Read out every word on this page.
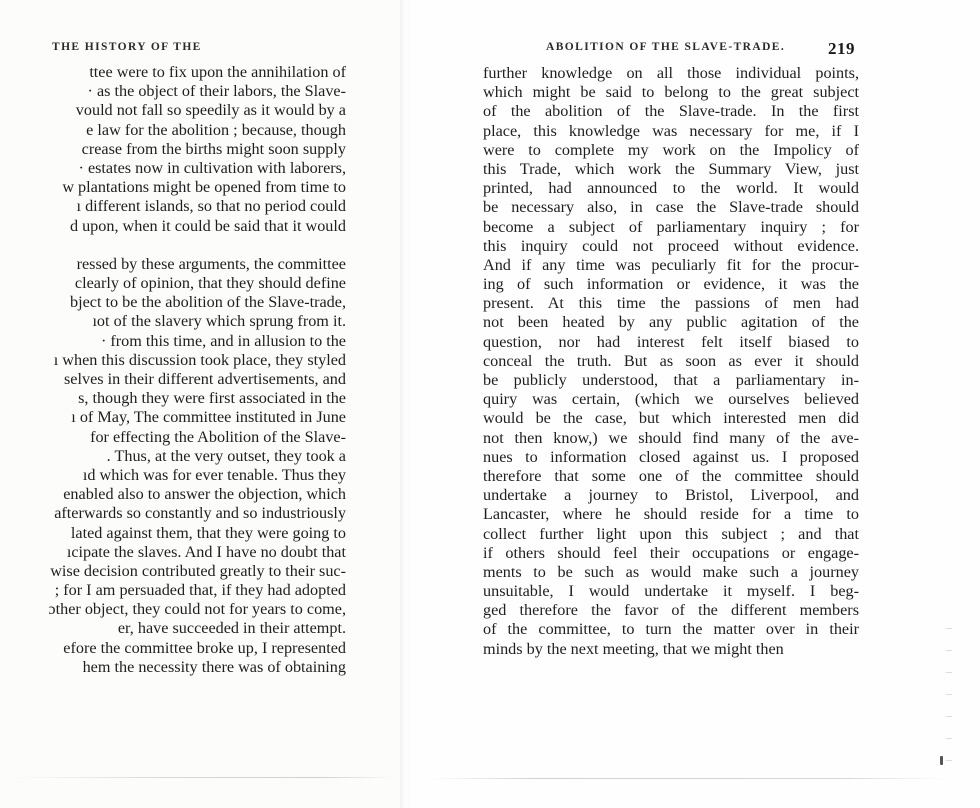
THE HISTORY OF THE
ttee were to fix upon the annihilation of
· as the object of their labors, the Slave-
vould not fall so speedily as it would by a
e law for the abolition ; because, though
crease from the births might soon supply
· estates now in cultivation with laborers,
w plantations might be opened from time to
ı different islands, so that no period could
d upon, when it could be said that it would
ressed by these arguments, the committee
clearly of opinion, that they should define
bject to be the abolition of the Slave-trade,
ıot of the slavery which sprung from it.
· from this time, and in allusion to the
ı when this discussion took place, they styled
selves in their different advertisements, and
s, though they were first associated in the
ı of May, The committee instituted in June
for effecting the Abolition of the Slave-
. Thus, at the very outset, they took a
ıd which was for ever tenable. Thus they
enabled also to answer the objection, which
afterwards so constantly and so industriously
lated against them, that they were going to
ıcipate the slaves. And I have no doubt that
wise decision contributed greatly to their suc-
; for I am persuaded that, if they had adopted
ɔther object, they could not for years to come,
er, have succeeded in their attempt.
efore the committee broke up, I represented
hem the necessity there was of obtaining
ABOLITION OF THE SLAVE-TRADE.	219
further knowledge on all those individual points,
which might be said to belong to the great subject
of the abolition of the Slave-trade. In the first
place, this knowledge was necessary for me, if I
were to complete my work on the Impolicy of
this Trade, which work the Summary View, just
printed, had announced to the world. It would
be necessary also, in case the Slave-trade should
become a subject of parliamentary inquiry ; for
this inquiry could not proceed without evidence.
And if any time was peculiarly fit for the procur-
ing of such information or evidence, it was the
present. At this time the passions of men had
not been heated by any public agitation of the
question, nor had interest felt itself biased to
conceal the truth. But as soon as ever it should
be publicly understood, that a parliamentary in-
quiry was certain, (which we ourselves believed
would be the case, but which interested men did
not then know,) we should find many of the ave-
nues to information closed against us. I proposed
therefore that some one of the committee should
undertake a journey to Bristol, Liverpool, and
Lancaster, where he should reside for a time to
collect further light upon this subject ; and that
if others should feel their occupations or engage-
ments to be such as would make such a journey
unsuitable, I would undertake it myself. I beg-
ged therefore the favor of the different members
of the committee, to turn the matter over in their
minds by the next meeting, that we might then
